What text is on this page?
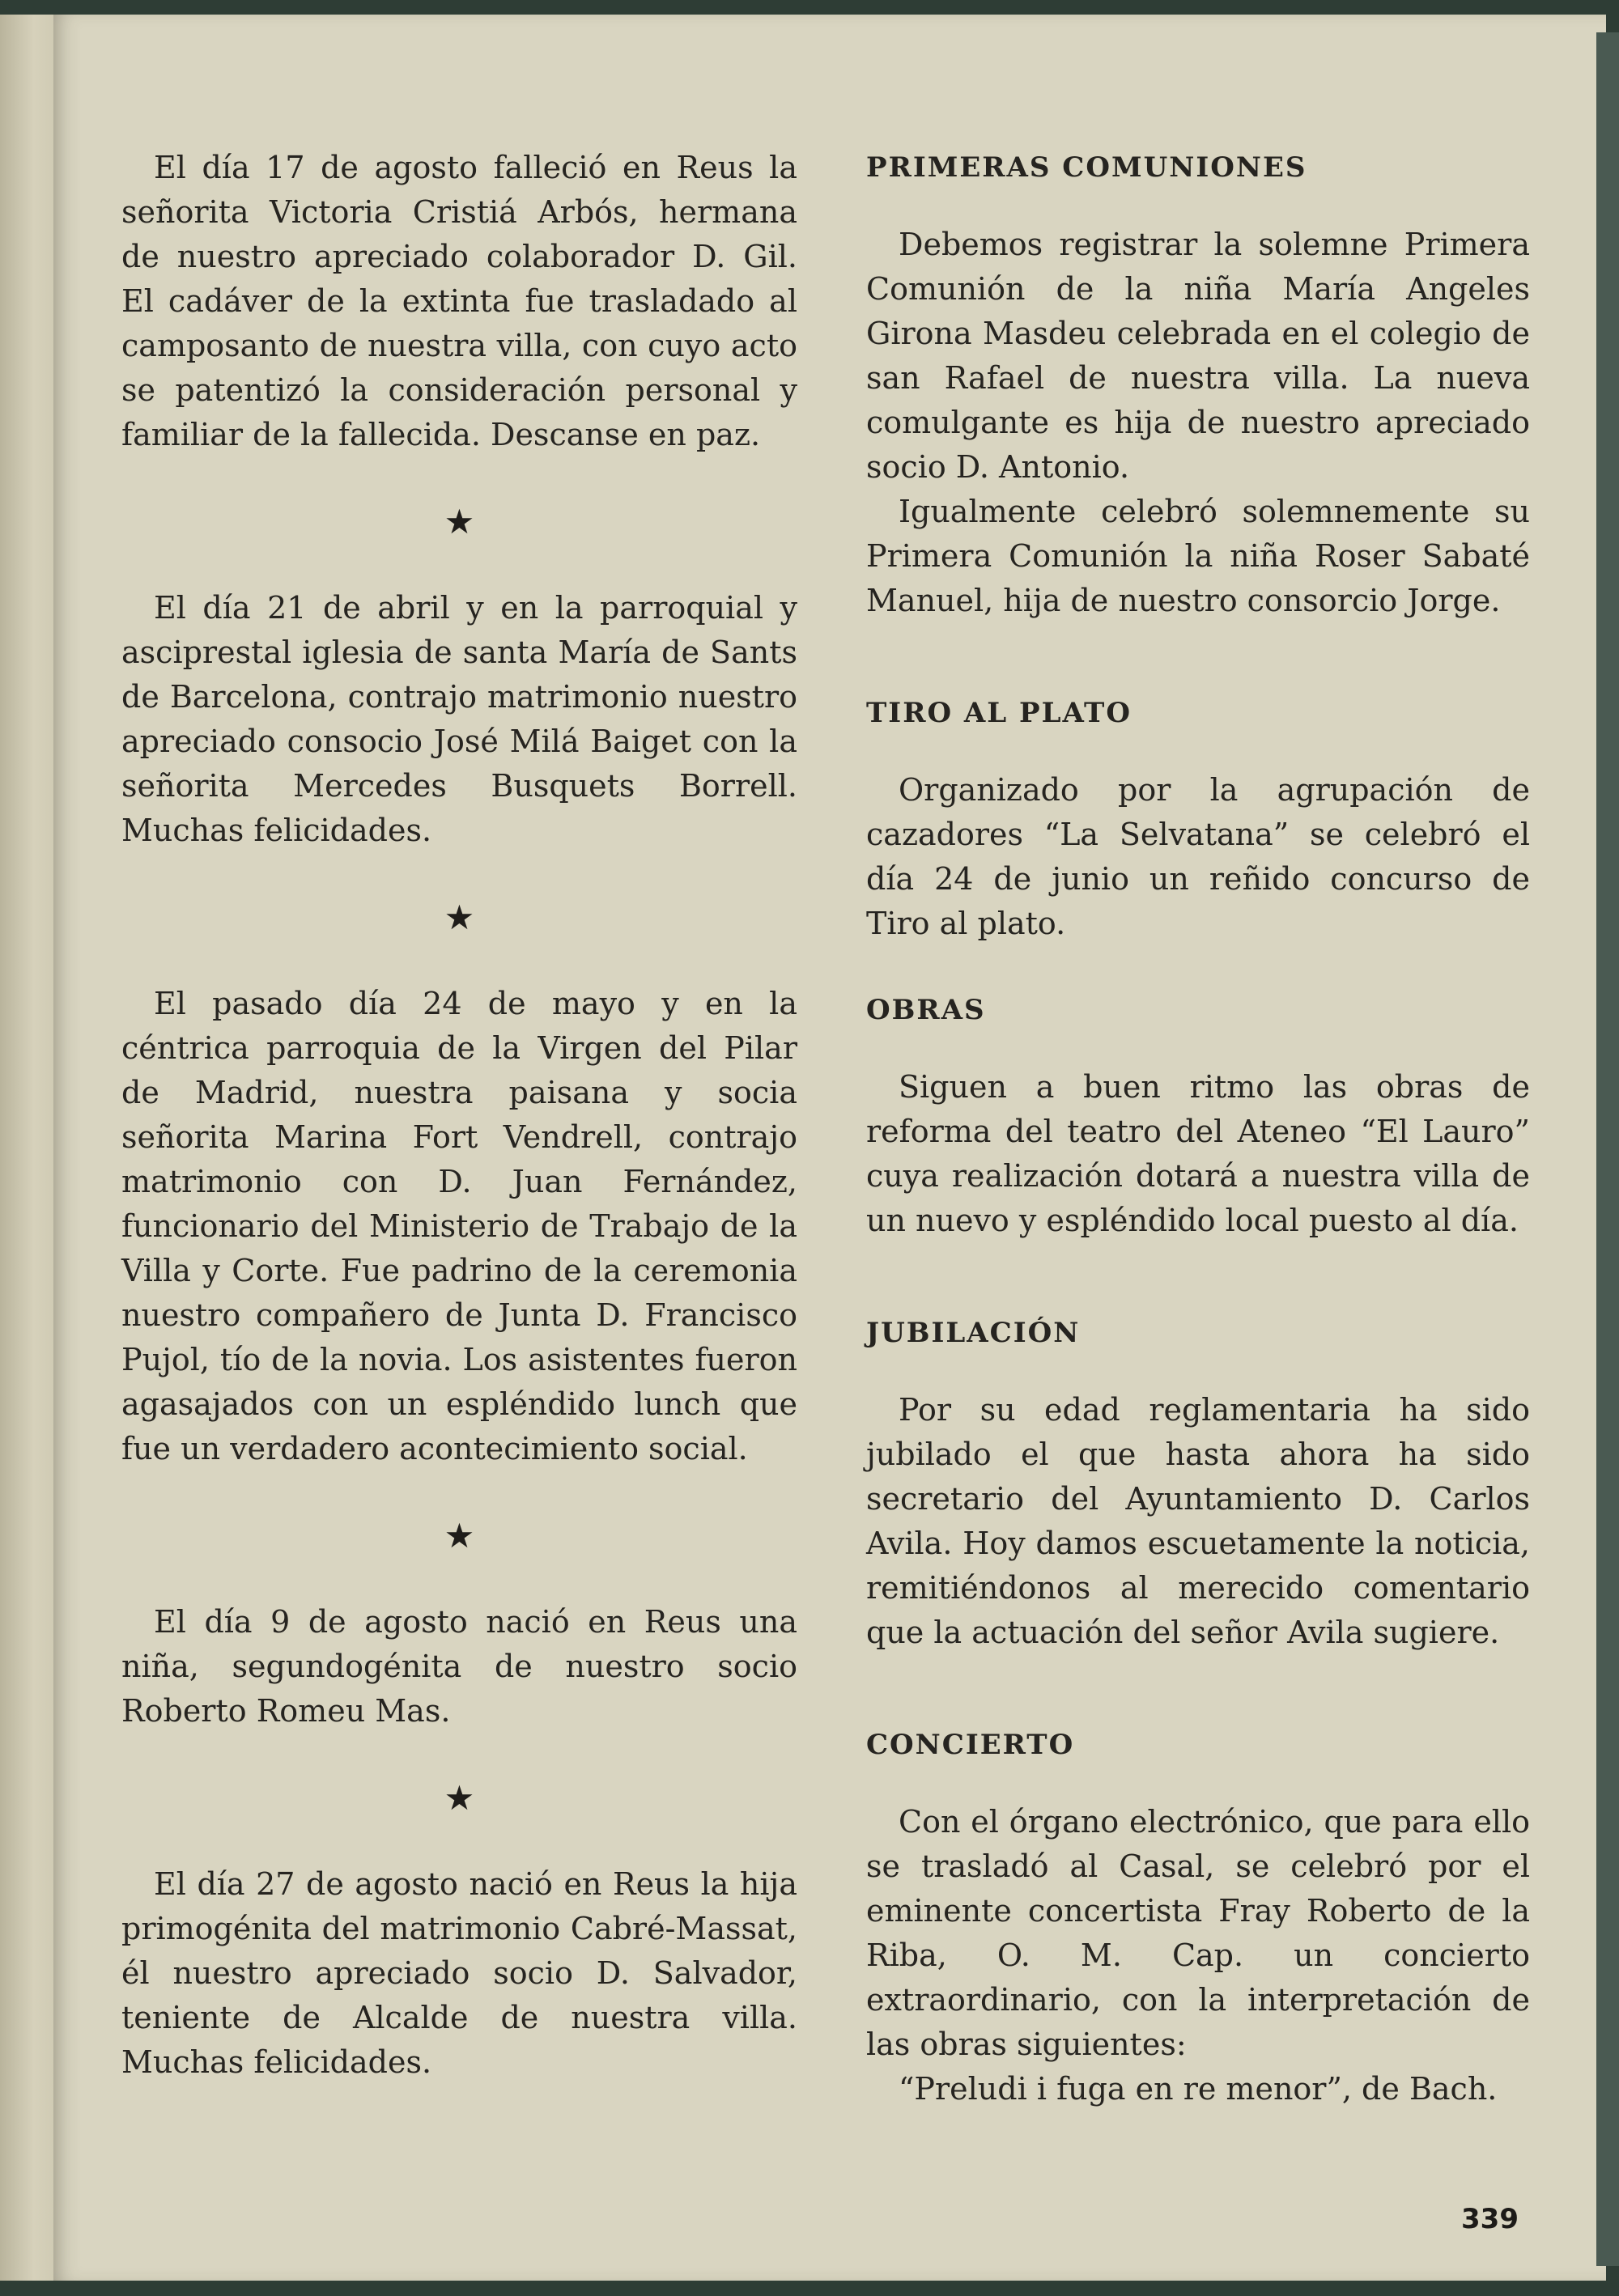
El día 17 de agosto falleció en Reus la señorita Victoria Cristiá Arbós, hermana de nuestro apreciado colaborador D. Gil. El cadáver de la extinta fue trasladado al camposanto de nuestra villa, con cuyo acto se patentizó la consideración personal y familiar de la fallecida. Descanse en paz.

★

El día 21 de abril y en la parroquial y asciprestal iglesia de santa María de Sants de Barcelona, contrajo matrimonio nuestro apreciado consocio José Milá Baiget con la señorita Mercedes Busquets Borrell. Muchas felicidades.

★

El pasado día 24 de mayo y en la céntrica parroquia de la Virgen del Pilar de Madrid, nuestra paisana y socia señorita Marina Fort Vendrell, contrajo matrimonio con D. Juan Fernández, funcionario del Ministerio de Trabajo de la Villa y Corte. Fue padrino de la ceremonia nuestro compañero de Junta D. Francisco Pujol, tío de la novia. Los asistentes fueron agasajados con un espléndido lunch que fue un verdadero acontecimiento social.

★

El día 9 de agosto nació en Reus una niña, segundogénita de nuestro socio Roberto Romeu Mas.

★

El día 27 de agosto nació en Reus la hija primogénita del matrimonio Cabré-Massat, él nuestro apreciado socio D. Salvador, teniente de Alcalde de nuestra villa. Muchas felicidades.

PRIMERAS COMUNIONES

Debemos registrar la solemne Primera Comunión de la niña María Angeles Girona Masdeu celebrada en el colegio de san Rafael de nuestra villa. La nueva comulgante es hija de nuestro apreciado socio D. Antonio.

Igualmente celebró solemnemente su Primera Comunión la niña Roser Sabaté Manuel, hija de nuestro consorcio Jorge.

TIRO AL PLATO

Organizado por la agrupación de cazadores “La Selvatana” se celebró el día 24 de junio un reñido concurso de Tiro al plato.

OBRAS

Siguen a buen ritmo las obras de reforma del teatro del Ateneo “El Lauro” cuya realización dotará a nuestra villa de un nuevo y espléndido local puesto al día.

JUBILACIÓN

Por su edad reglamentaria ha sido jubilado el que hasta ahora ha sido secretario del Ayuntamiento D. Carlos Avila. Hoy damos escuetamente la noticia, remitiéndonos al merecido comentario que la actuación del señor Avila sugiere.

CONCIERTO

Con el órgano electrónico, que para ello se trasladó al Casal, se celebró por el eminente concertista Fray Roberto de la Riba, O. M. Cap. un concierto extraordinario, con la interpretación de las obras siguientes:

“Preludi i fuga en re menor”, de Bach.

339
